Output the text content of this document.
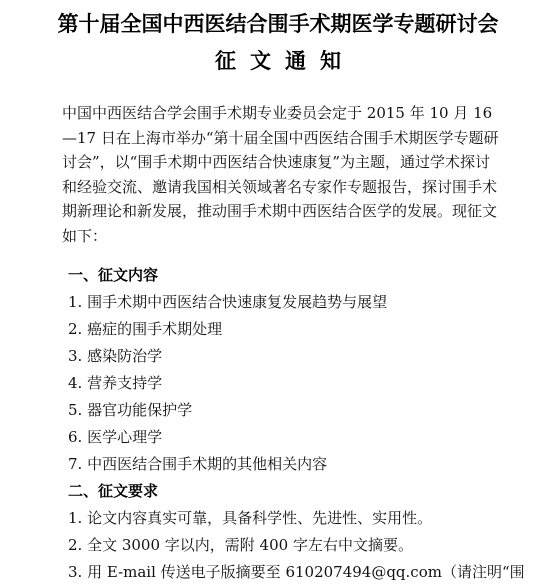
第十届全国中西医结合围手术期医学专题研讨会
征文通知
中国中西医结合学会围手术期专业委员会定于 2015 年 10 月 16
—17 日在上海市举办“第十届全国中西医结合围手术期医学专题研
讨会”，以“围手术期中西医结合快速康复”为主题，通过学术探讨
和经验交流、邀请我国相关领域著名专家作专题报告，探讨围手术
期新理论和新发展，推动围手术期中西医结合医学的发展。现征文
如下：
一、征文内容
1. 围手术期中西医结合快速康复发展趋势与展望
2. 癌症的围手术期处理
3. 感染防治学
4. 营养支持学
5. 器官功能保护学
6. 医学心理学
7. 中西医结合围手术期的其他相关内容
二、征文要求
1. 论文内容真实可靠，具备科学性、先进性、实用性。
2. 全文 3000 字以内，需附 400 字左右中文摘要。
3. 用 E-mail 传送电子版摘要至 610207494@qq.com（请注明“围
